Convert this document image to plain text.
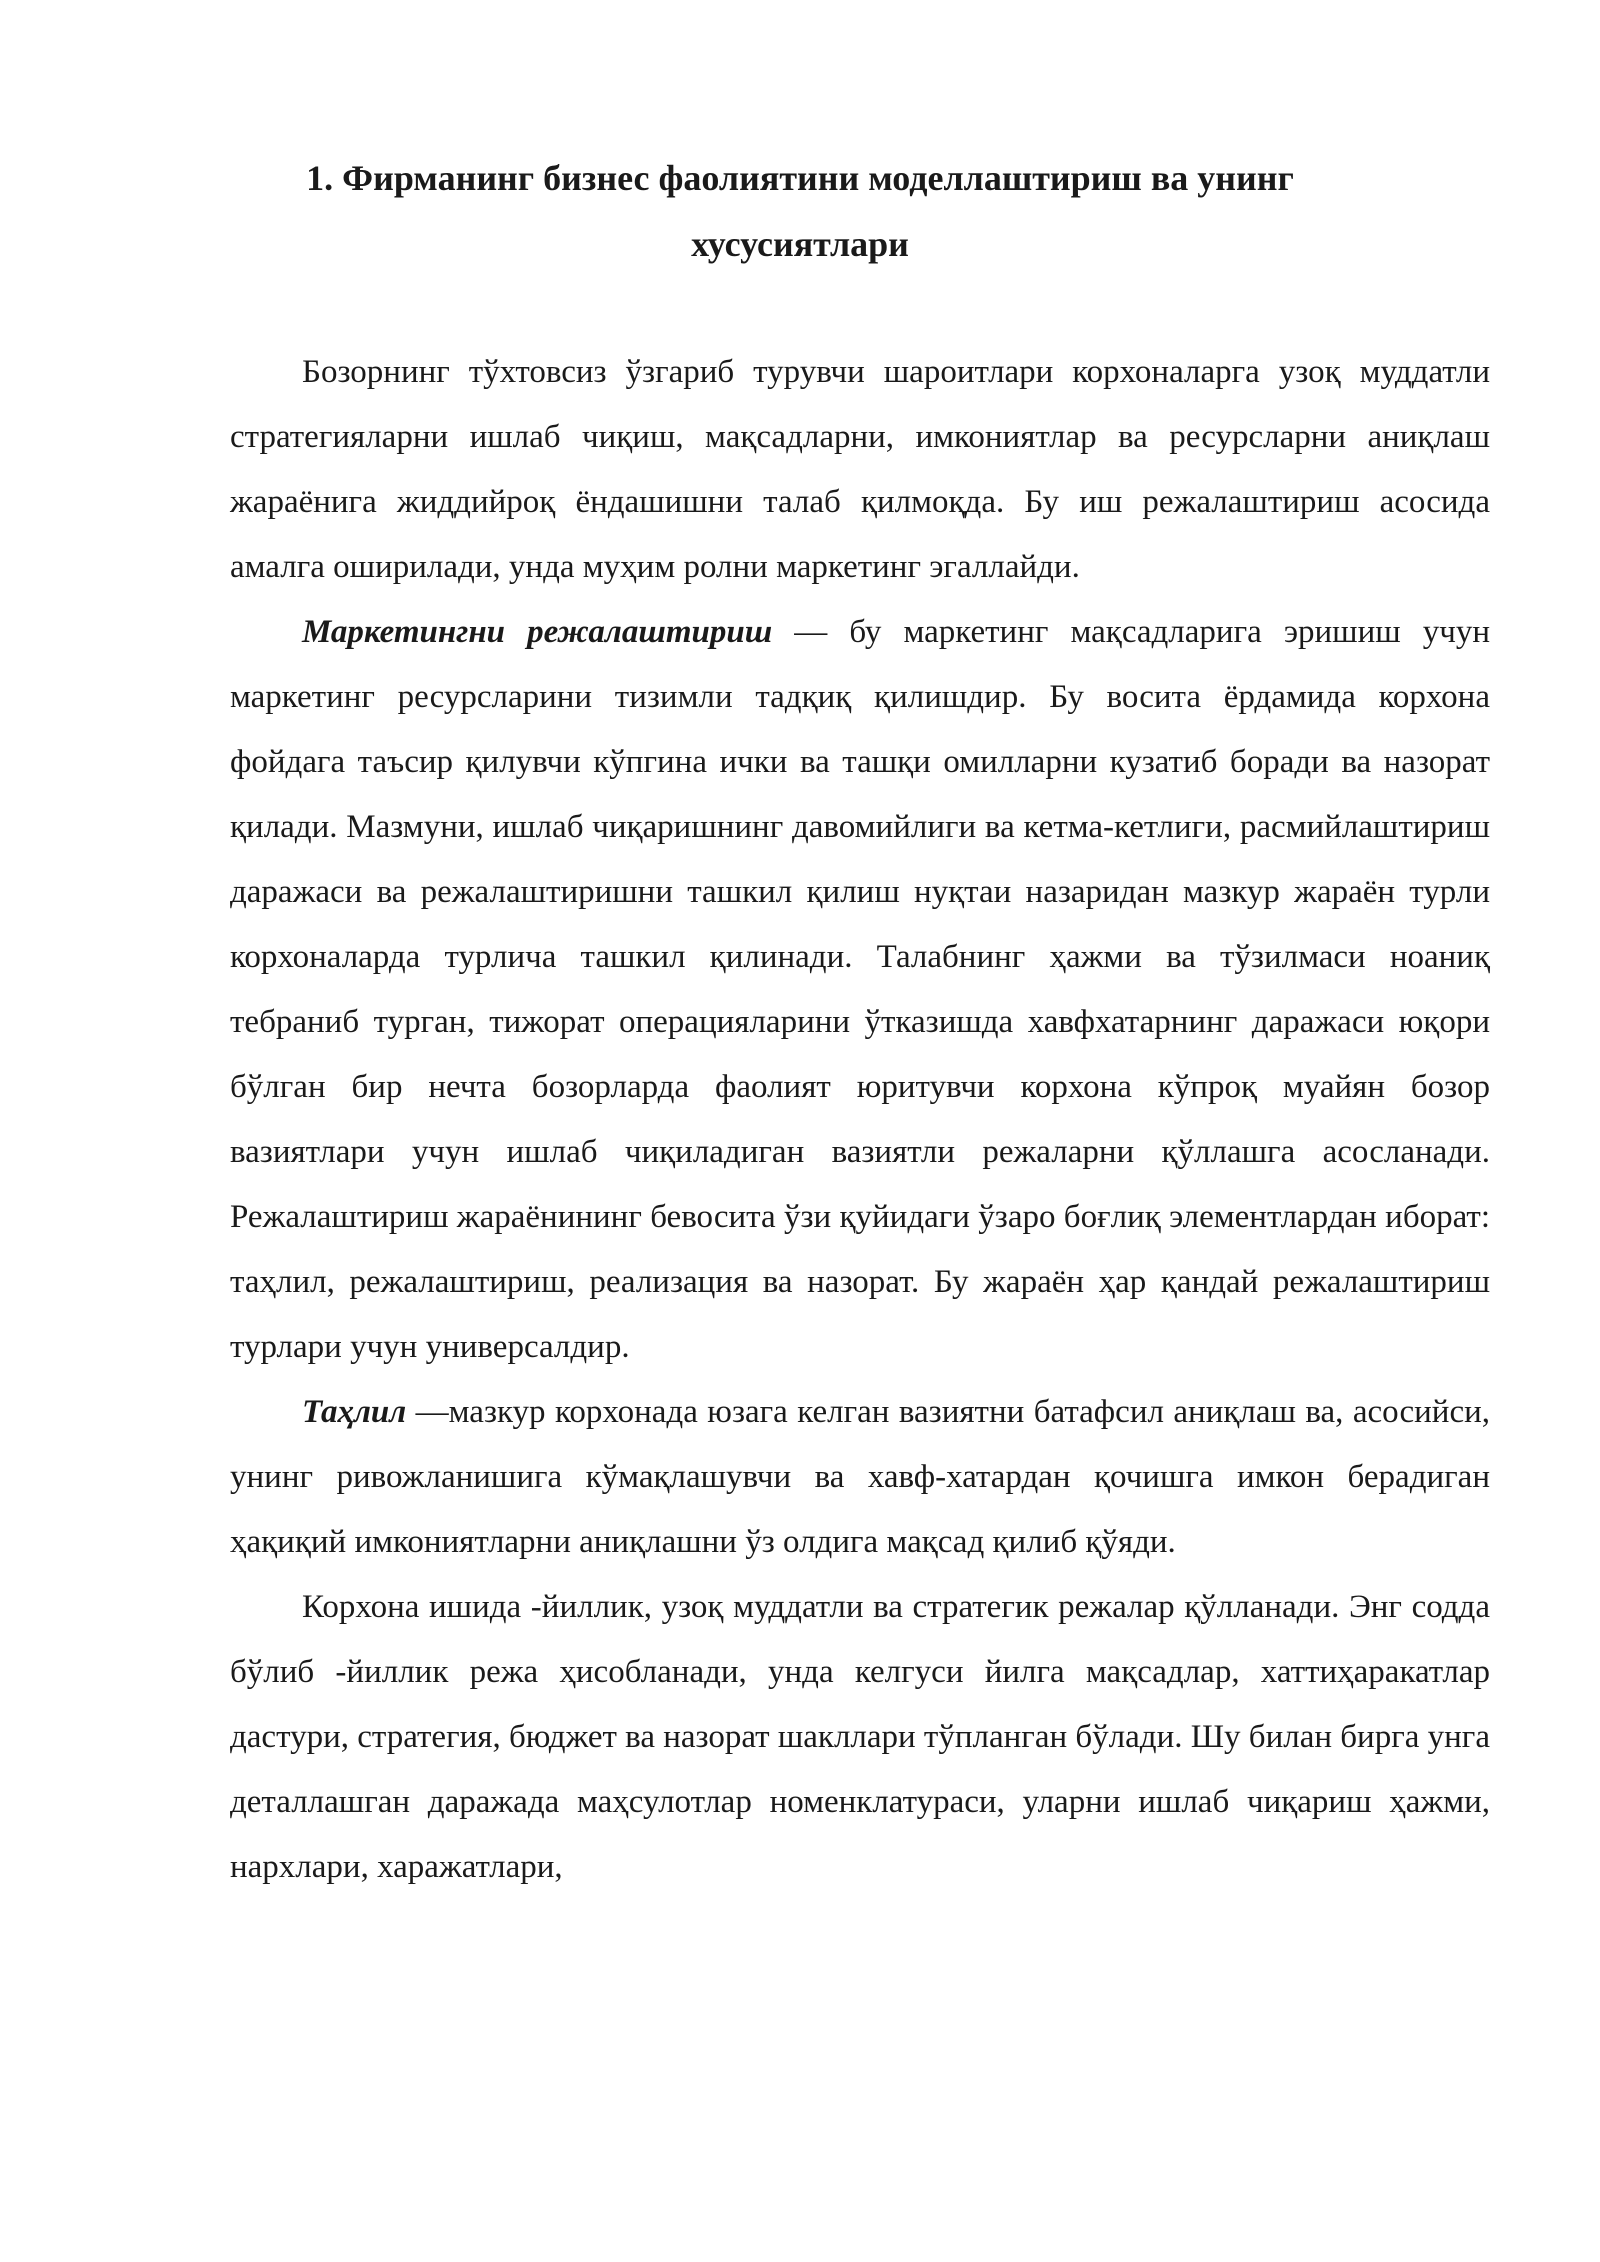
1. Фирманинг бизнес фаолиятини моделлаштириш ва унинг
хусусиятлари

Бозорнинг тўхтовсиз ўзгариб турувчи шароитлари корхоналарга узоқ муддатли стратегияларни ишлаб чиқиш, мақсадларни, имкониятлар ва ресурсларни аниқлаш жараёнига жиддийроқ ёндашишни талаб қилмоқда. Бу иш режалаштириш асосида амалга оширилади, унда муҳим ролни маркетинг эгаллайди.

Маркетингни режалаштириш — бу маркетинг мақсадларига эришиш учун маркетинг ресурсларини тизимли тадқиқ қилишдир. Бу восита ёрдамида корхона фойдага таъсир қилувчи кўпгина ички ва ташқи омилларни кузатиб боради ва назорат қилади. Мазмуни, ишлаб чиқаришнинг давомийлиги ва кетма-кетлиги, расмийлаштириш даражаси ва режалаштиришни ташкил қилиш нуқтаи назаридан мазкур жараён турли корхоналарда турлича ташкил қилинади. Талабнинг ҳажми ва тўзилмаси ноаниқ тебраниб турган, тижорат операцияларини ўтказишда хавфхатарнинг даражаси юқори бўлган бир нечта бозорларда фаолият юритувчи корхона кўпроқ муайян бозор вазиятлари учун ишлаб чиқиладиган вазиятли режаларни қўллашга асосланади. Режалаштириш жараёнининг бевосита ўзи қуйидаги ўзаро боғлиқ элементлардан иборат: таҳлил, режалаштириш, реализация ва назорат. Бу жараён ҳар қандай режалаштириш турлари учун универсалдир.

Таҳлил —мазкур корхонада юзага келган вазиятни батафсил аниқлаш ва, асосийси, унинг ривожланишига кўмақлашувчи ва хавф-хатардан қочишга имкон берадиган ҳақиқий имкониятларни аниқлашни ўз олдига мақсад қилиб қўяди.

Корхона ишида -йиллик, узоқ муддатли ва стратегик режалар қўлланади. Энг содда бўлиб -йиллик режа ҳисобланади, унда келгуси йилга мақсадлар, хаттиҳаракатлар дастури, стратегия, бюджет ва назорат шакллари тўпланган бўлади. Шу билан бирга унга деталлашган даражада маҳсулотлар номенклатураси, уларни ишлаб чиқариш ҳажми, нархлари, харажатлари,
